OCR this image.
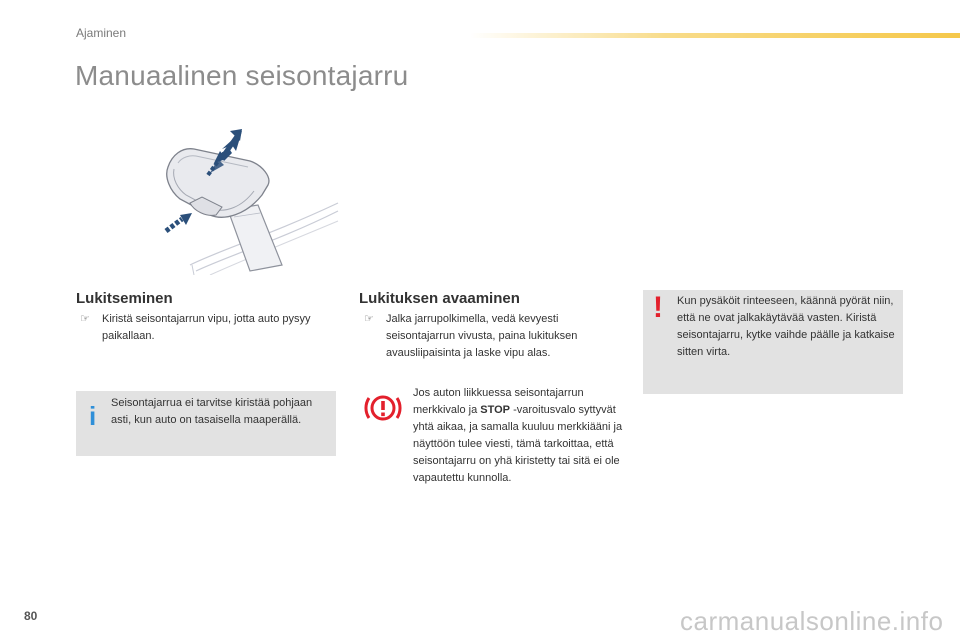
Ajaminen
Manuaalinen seisontajarru
Lukitseminen
☞	Kiristä seisontajarrun vipu, jotta auto pysyy paikallaan.
i Seisontajarrua ei tarvitse kiristää pohjaan asti, kun auto on tasaisella maaperällä.
Lukituksen avaaminen
☞	Jalka jarrupolkimella, vedä kevyesti seisontajarrun vivusta, paina lukituksen avausliipaisinta ja laske vipu alas.
Jos auton liikkuessa seisontajarrun merkkivalo ja STOP -varoitusvalo syttyvät yhtä aikaa, ja samalla kuuluu merkkiääni ja näyttöön tulee viesti, tämä tarkoittaa, että seisontajarru on yhä kiristetty tai sitä ei ole vapautettu kunnolla.
! Kun pysäköit rinteeseen, käännä pyörät niin, että ne ovat jalkakäytävää vasten. Kiristä seisontajarru, kytke vaihde päälle ja katkaise sitten virta.
80	carmanualsonline.info
